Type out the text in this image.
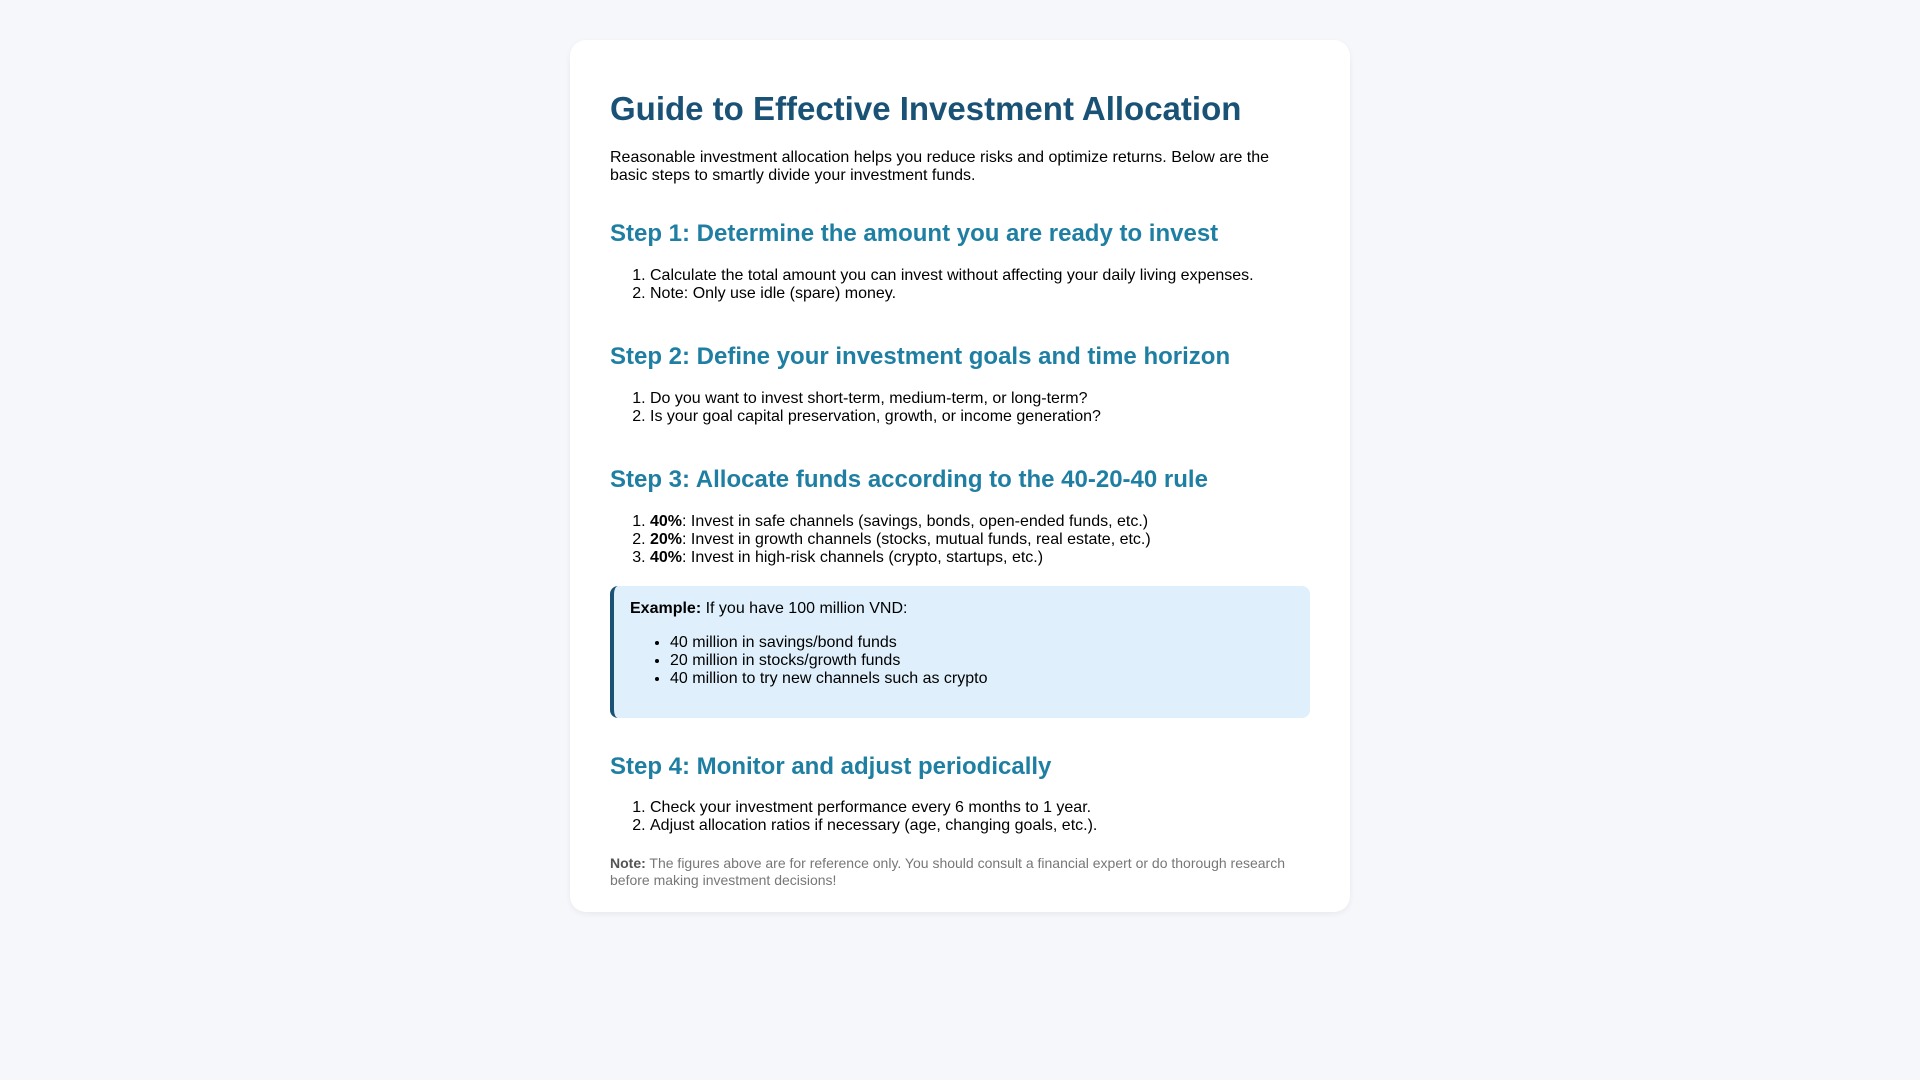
Guide to Effective Investment Allocation

Reasonable investment allocation helps you reduce risks and optimize returns. Below are the basic steps to smartly divide your investment funds.

Step 1: Determine the amount you are ready to invest
1. Calculate the total amount you can invest without affecting your daily living expenses.
2. Note: Only use idle (spare) money.
Step 2: Define your investment goals and time horizon
1. Do you want to invest short-term, medium-term, or long-term?
2. Is your goal capital preservation, growth, or income generation?
Step 3: Allocate funds according to the 40-20-40 rule
1. 40%: Invest in safe channels (savings, bonds, open-ended funds, etc.)
2. 20%: Invest in growth channels (stocks, mutual funds, real estate, etc.)
3. 40%: Invest in high-risk channels (crypto, startups, etc.)

Example: If you have 100 million VND:

• 40 million in savings/bond funds
• 20 million in stocks/growth funds
• 40 million to try new channels such as crypto
Step 4: Monitor and adjust periodically
1. Check your investment performance every 6 months to 1 year.
2. Adjust allocation ratios if necessary (age, changing goals, etc.).

Note: The figures above are for reference only. You should consult a financial expert or do thorough research before making investment decisions!
